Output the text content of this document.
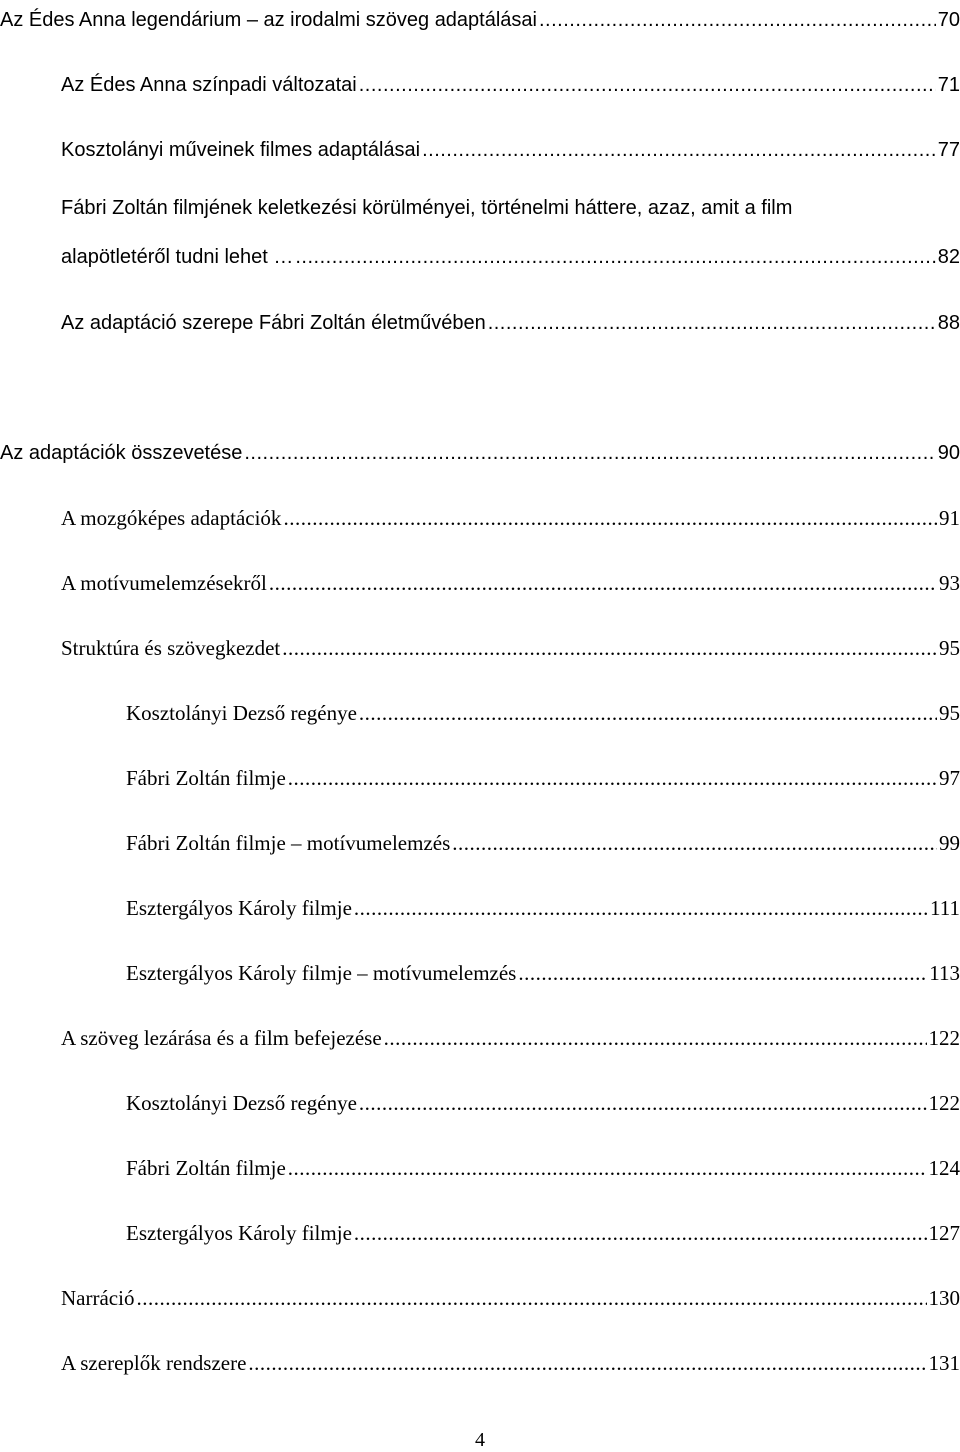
Az Édes Anna legendárium – az irodalmi szöveg adaptálásai .....	70
Az Édes Anna színpadi változatai .....	71
Kosztolányi műveinek filmes adaptálásai .....	77
Fábri Zoltán filmjének keletkezési körülményei, történelmi háttere, azaz, amit a film
alapötletéről tudni lehet … .....	82
Az adaptáció szerepe Fábri Zoltán életművében .....	88
Az adaptációk összevetése .....	90
A mozgóképes adaptációk .....	91
A motívumelemzésekről .....	93
Struktúra és szövegkezdet .....	95
Kosztolányi Dezső regénye .....	95
Fábri Zoltán filmje .....	97
Fábri Zoltán filmje – motívumelemzés .....	99
Esztergályos Károly filmje .....	111
Esztergályos Károly filmje – motívumelemzés .....	113
A szöveg lezárása és a film befejezése .....	122
Kosztolányi Dezső regénye .....	122
Fábri Zoltán filmje .....	124
Esztergályos Károly filmje .....	127
Narráció .....	130
A szereplők rendszere .....	131
4
